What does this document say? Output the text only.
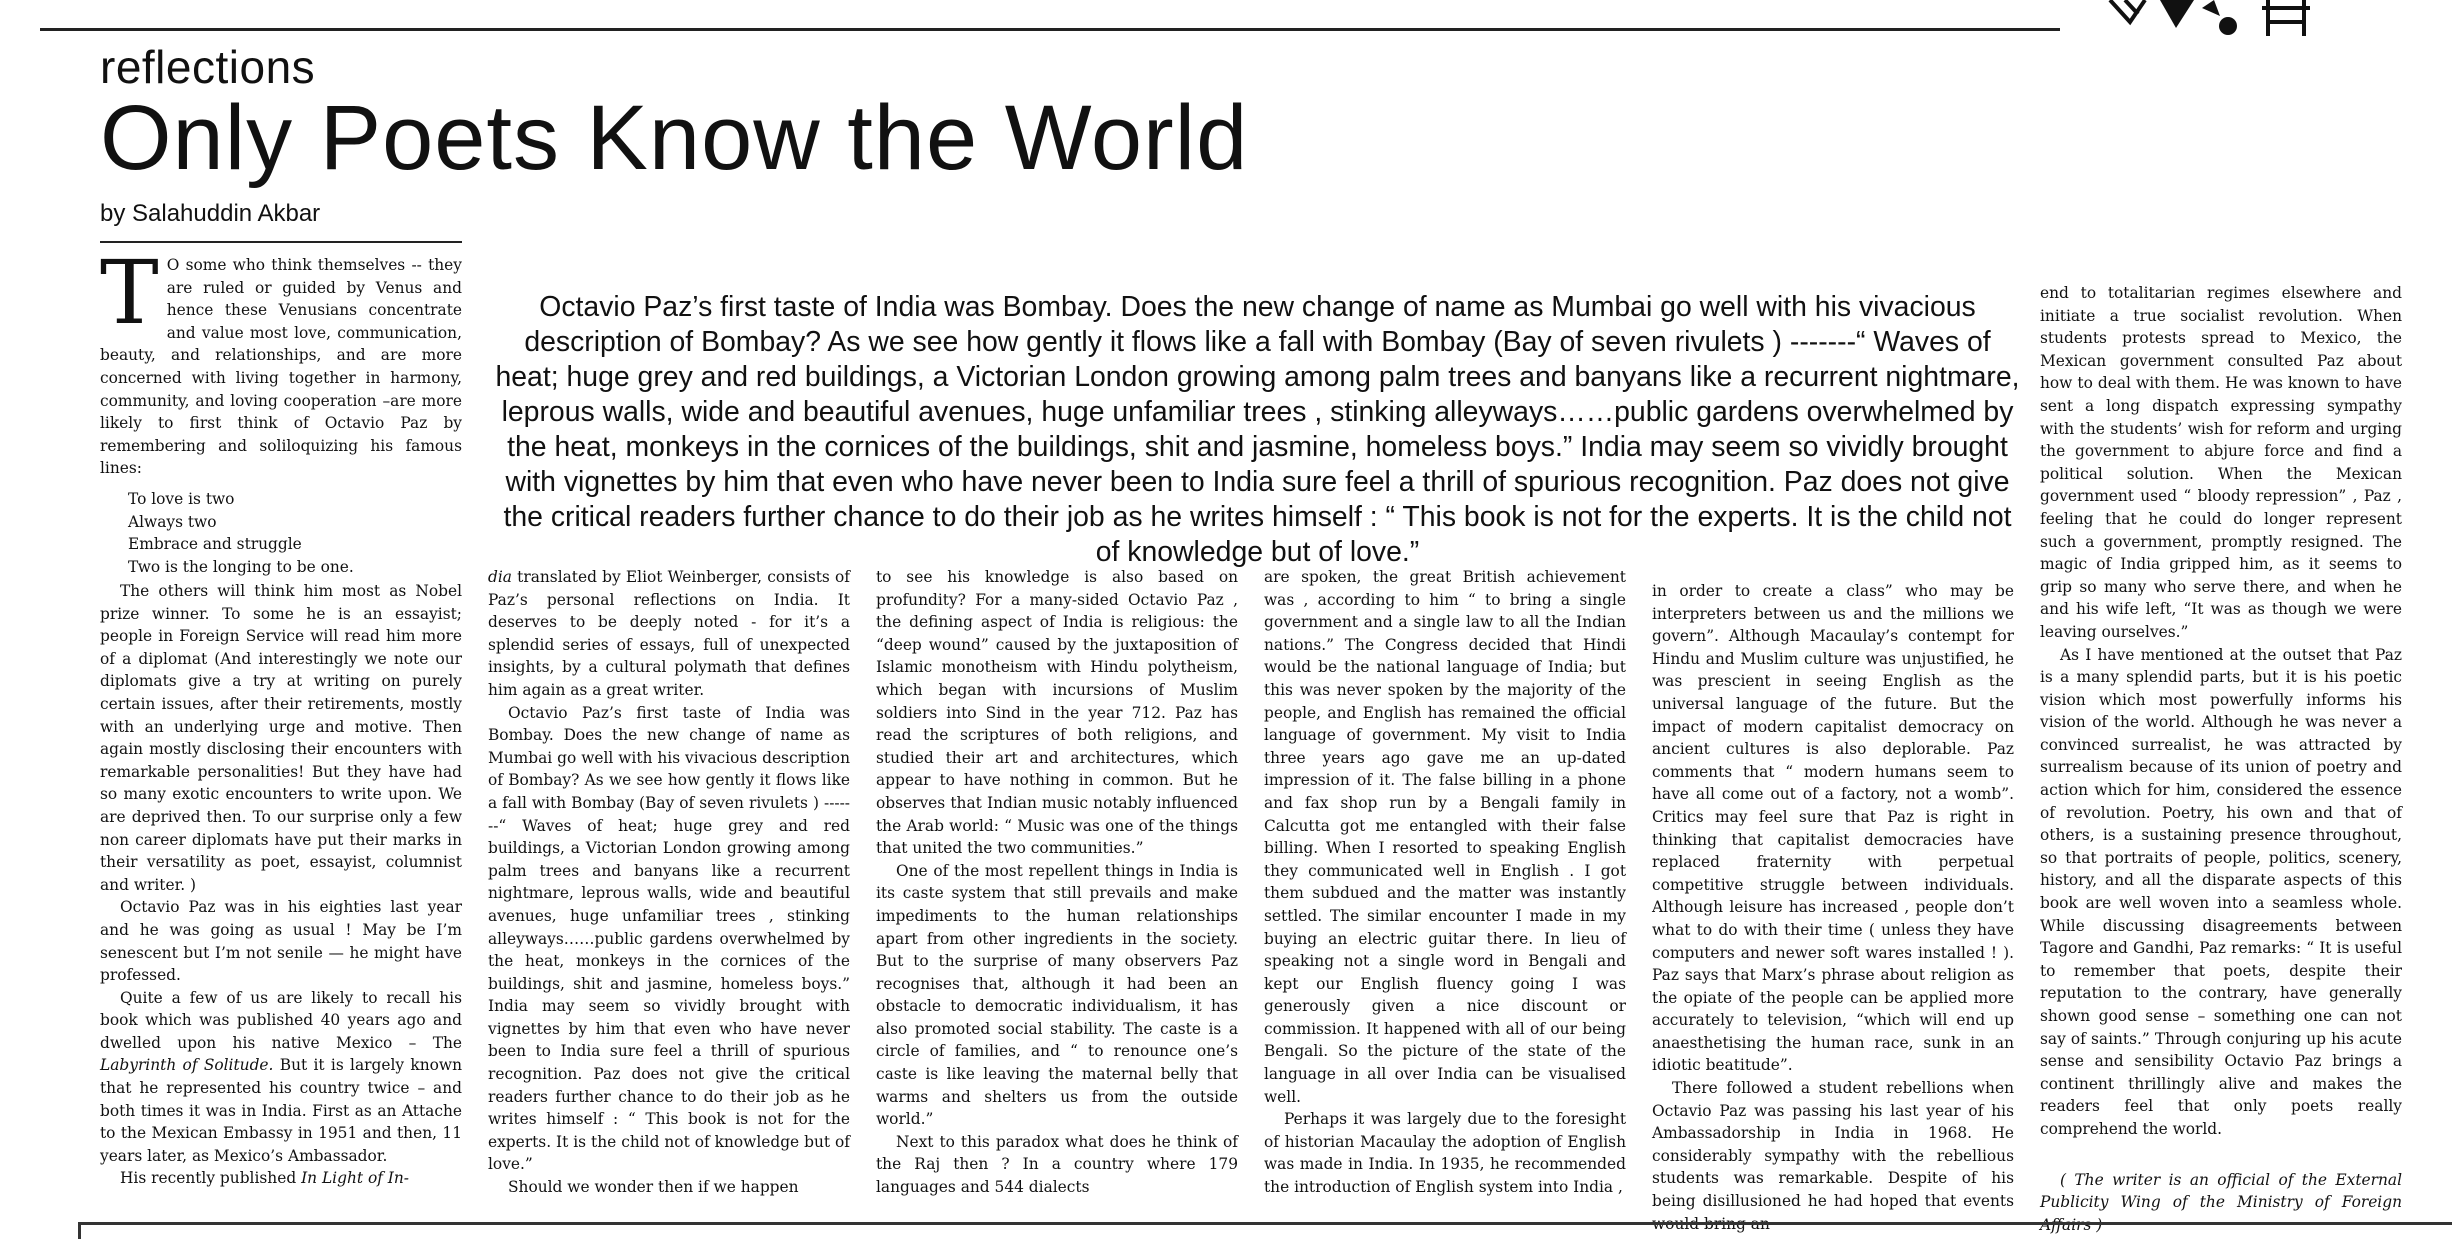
reflections
Only Poets Know the World
by Salahuddin Akbar
T O some who think themselves -- they are ruled or guided by Venus and hence these Venusians concentrate and value most love, communication, beauty, and relationships, and are more concerned with living together in harmony, community, and loving cooperation –are more likely to first think of Octavio Paz by remembering and soliloquizing his famous lines:

To love is two
Always two
Embrace and struggle
Two is the longing to be one.
Octavio Paz’s first taste of India was Bombay. Does the new change of name as Mumbai go well with his vivacious description of Bombay? As we see how gently it flows like a fall with Bombay (Bay of seven rivulets ) -------“ Waves of heat; huge grey and red buildings, a Victorian London growing among palm trees and banyans like a recurrent nightmare, leprous walls, wide and beautiful avenues, huge unfamiliar trees , stinking alleyways……public gardens overwhelmed by the heat, monkeys in the cornices of the buildings, shit and jasmine, homeless boys.” India may seem so vividly brought with vignettes by him that even who have never been to India sure feel a thrill of spurious recognition. Paz does not give the critical readers further chance to do their job as he writes himself : “ This book is not for the experts. It is the child not of knowledge but of love.”

The others will think him most as Nobel prize winner. To some he is an essayist; people in Foreign Service will read him more of a diplomat (And interestingly we note our diplomats give a try at writing on purely certain issues, after their retirements, mostly with an underlying urge and motive. Then again mostly disclosing their encounters with remarkable personalities! But they have had so many exotic encounters to write upon. We are deprived then. To our surprise only a few non career diplomats have put their marks in their versatility as poet, essayist, columnist and writer. )

Octavio Paz was in his eighties last year and he was going as usual ! May be I’m senescent but I’m not senile — he might have professed.

Quite a few of us are likely to recall his book which was published 40 years ago and dwelled upon his native Mexico – The Labyrinth of Solitude. But it is largely known that he represented his country twice – and both times it was in India. First as an Attache to the Mexican Embassy in 1951 and then, 11 years later, as Mexico’s Ambassador.

His recently published In Light of In-

dia translated by Eliot Weinberger, consists of Paz’s personal reflections on India. It deserves to be deeply noted - for it’s a splendid series of essays, full of unexpected insights, by a cultural polymath that defines him again as a great writer.

Octavio Paz’s first taste of India was Bombay. Does the new change of name as Mumbai go well with his vivacious description of Bombay? As we see how gently it flows like a fall with Bombay (Bay of seven rivulets ) -------“ Waves of heat; huge grey and red buildings, a Victorian London growing among palm trees and banyans like a recurrent nightmare, leprous walls, wide and beautiful avenues, huge unfamiliar trees , stinking alleyways……public gardens overwhelmed by the heat, monkeys in the cornices of the buildings, shit and jasmine, homeless boys.” India may seem so vividly brought with vignettes by him that even who have never been to India sure feel a thrill of spurious recognition. Paz does not give the critical readers further chance to do their job as he writes himself : “ This book is not for the experts. It is the child not of knowledge but of love.”

Should we wonder then if we happen

to see his knowledge is also based on profundity? For a many-sided Octavio Paz , the defining aspect of India is religious: the “deep wound” caused by the juxtaposition of Islamic monotheism with Hindu polytheism, which began with incursions of Muslim soldiers into Sind in the year 712. Paz has read the scriptures of both religions, and studied their art and architectures, which appear to have nothing in common. But he observes that Indian music notably influenced the Arab world: “ Music was one of the things that united the two communities.”

One of the most repellent things in India is its caste system that still prevails and make impediments to the human relationships apart from other ingredients in the society. But to the surprise of many observers Paz recognises that, although it had been an obstacle to democratic individualism, it has also promoted social stability. The caste is a circle of families, and “ to renounce one’s caste is like leaving the maternal belly that warms and shelters us from the outside world.”

Next to this paradox what does he think of the Raj then ? In a country where 179 languages and 544 dialects

are spoken, the great British achievement was , according to him “ to bring a single government and a single law to all the Indian nations.” The Congress decided that Hindi would be the national language of India; but this was never spoken by the majority of the people, and English has remained the official language of government. My visit to India three years ago gave me an up-dated impression of it. The false billing in a phone and fax shop run by a Bengali family in Calcutta got me entangled with their false billing. When I resorted to speaking English they communicated well in English . I got them subdued and the matter was instantly settled. The similar encounter I made in my buying an electric guitar there. In lieu of speaking not a single word in Bengali and kept our English fluency going I was generously given a nice discount or commission. It happened with all of our being Bengali. So the picture of the state of the language in all over India can be visualised well.

Perhaps it was largely due to the foresight of historian Macaulay the adoption of English was made in India. In 1935, he recommended the introduction of English system into India ,

in order to create a class” who may be interpreters between us and the millions we govern”. Although Macaulay’s contempt for Hindu and Muslim culture was unjustified, he was prescient in seeing English as the universal language of the future. But the impact of modern capitalist democracy on ancient cultures is also deplorable. Paz comments that “ modern humans seem to have all come out of a factory, not a womb”. Critics may feel sure that Paz is right in thinking that capitalist democracies have replaced fraternity with perpetual competitive struggle between individuals. Although leisure has increased , people don’t what to do with their time ( unless they have computers and newer soft wares installed ! ). Paz says that Marx’s phrase about religion as the opiate of the people can be applied more accurately to television, “which will end up anaesthetising the human race, sunk in an idiotic beatitude”.

There followed a student rebellions when Octavio Paz was passing his last year of his Ambassadorship in India in 1968. He considerably sympathy with the rebellious students was remarkable. Despite of his being disillusioned he had hoped that events would bring an

end to totalitarian regimes elsewhere and initiate a true socialist revolution. When students protests spread to Mexico, the Mexican government consulted Paz about how to deal with them. He was known to have sent a long dispatch expressing sympathy with the students’ wish for reform and urging the government to abjure force and find a political solution. When the Mexican government used “ bloody repression” , Paz , feeling that he could do longer represent such a government, promptly resigned. The magic of India gripped him, as it seems to grip so many who serve there, and when he and his wife left, “It was as though we were leaving ourselves.”

As I have mentioned at the outset that Paz is a many splendid parts, but it is his poetic vision which most powerfully informs his vision of the world. Although he was never a convinced surrealist, he was attracted by surrealism because of its union of poetry and action which for him, considered the essence of revolution. Poetry, his own and that of others, is a sustaining presence throughout, so that portraits of people, politics, scenery, history, and all the disparate aspects of this book are well woven into a seamless whole. While discussing disagreements between Tagore and Gandhi, Paz remarks: “ It is useful to remember that poets, despite their reputation to the contrary, have generally shown good sense – something one can not say of saints.” Through conjuring up his acute sense and sensibility Octavio Paz brings a continent thrillingly alive and makes the readers feel that only poets really comprehend the world.

( The writer is an official of the External Publicity Wing of the Ministry of Foreign Affairs )
